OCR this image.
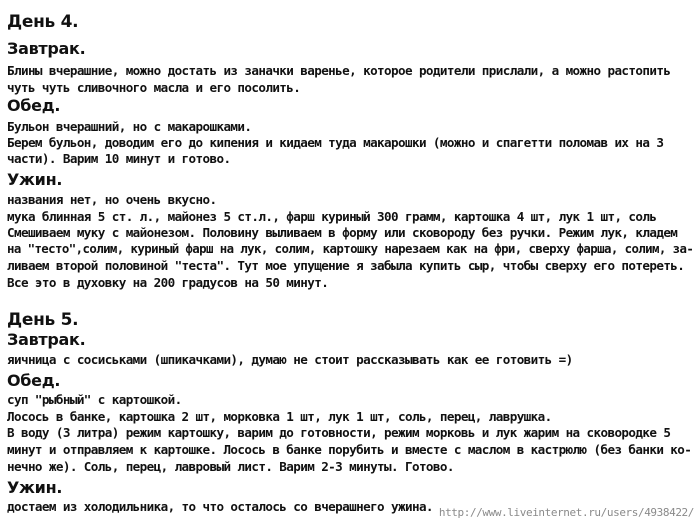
День 4.
Завтрак.
Блины вчерашние, можно достать из заначки варенье, которое родители прислали, а можно растопить
чуть чуть сливочного масла и его посолить.
Обед.
Бульон вчерашний, но с макарошками.
Берем бульон, доводим его до кипения и кидаем туда макарошки (можно и спагетти поломав их на 3
части). Варим 10 минут и готово.
Ужин.
названия нет, но очень вкусно.
мука блинная 5 ст. л., майонез 5 ст.л., фарш куриный 300 грамм, картошка 4 шт, лук 1 шт, соль
Смешиваем муку с майонезом. Половину выливаем в форму или сковороду без ручки. Режим лук, кладем
на "тесто",солим, куриный фарш на лук, солим, картошку нарезаем как на фри, сверху фарша, солим, за-
ливаем второй половиной "теста". Тут мое упущение я забыла купить сыр, чтобы сверху его потереть.
Все это в духовку на 200 градусов на 50 минут.
День 5.
Завтрак.
яичница с сосиськами (шпикачками), думаю не стоит рассказывать как ее готовить =)
Обед.
суп "рыбный" с картошкой.
Лосось в банке, картошка 2 шт, морковка 1 шт, лук 1 шт, соль, перец, лаврушка.
В воду (3 литра) режим картошку, варим до готовности, режим морковь и лук жарим на сковородке 5
минут и отправляем к картошке. Лосось в банке порубить и вместе с маслом в кастрюлю (без банки ко-
нечно же). Соль, перец, лавровый лист. Варим 2-3 минуты. Готово.
Ужин.
достаем из холодильника, то что осталось со вчерашнего ужина. http://www.liveinternet.ru/users/4938422/
